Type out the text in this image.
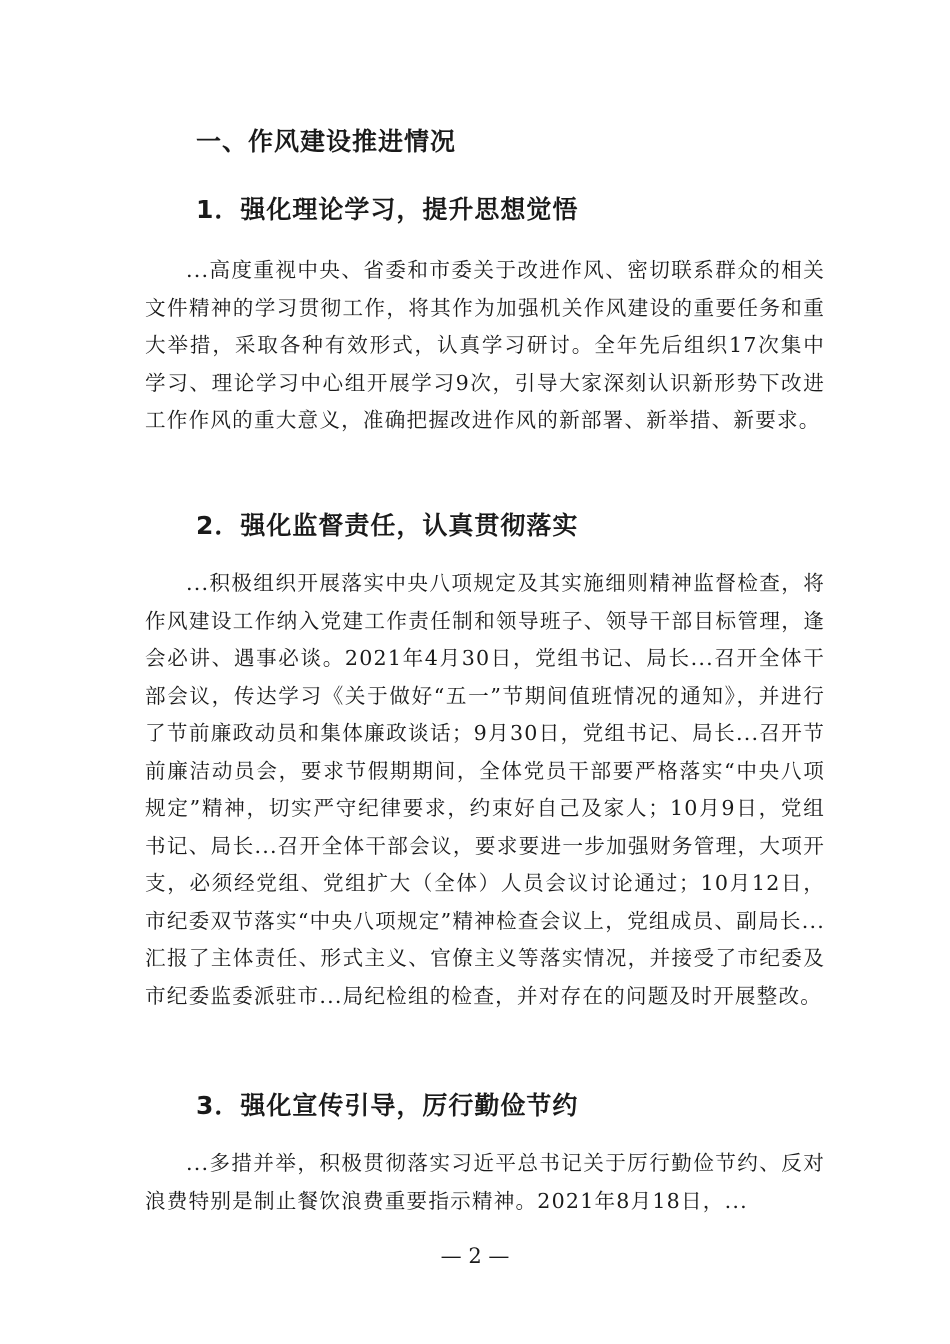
一、作风建设推进情况
1．强化理论学习，提升思想觉悟

...高度重视中央、省委和市委关于改进作风、密切联系群众的相关文件精神的学习贯彻工作，将其作为加强机关作风建设的重要任务和重大举措，采取各种有效形式，认真学习研讨。全年先后组织17次集中学习、理论学习中心组开展学习9次，引导大家深刻认识新形势下改进工作作风的重大意义，准确把握改进作风的新部署、新举措、新要求。

2．强化监督责任，认真贯彻落实

...积极组织开展落实中央八项规定及其实施细则精神监督检查，将作风建设工作纳入党建工作责任制和领导班子、领导干部目标管理，逢会必讲、遇事必谈。2021年4月30日，党组书记、局长...召开全体干部会议，传达学习《关于做好“五一”节期间值班情况的通知》，并进行了节前廉政动员和集体廉政谈话；9月30日，党组书记、局长...召开节前廉洁动员会，要求节假期期间，全体党员干部要严格落实“中央八项规定”精神，切实严守纪律要求，约束好自己及家人；10月9日，党组书记、局长...召开全体干部会议，要求要进一步加强财务管理，大项开支，必须经党组、党组扩大（全体）人员会议讨论通过；10月12日，市纪委双节落实“中央八项规定”精神检查会议上，党组成员、副局长...汇报了主体责任、形式主义、官僚主义等落实情况，并接受了市纪委及市纪委监委派驻市...局纪检组的检查，并对存在的问题及时开展整改。

3．强化宣传引导，厉行勤俭节约

...多措并举，积极贯彻落实习近平总书记关于厉行勤俭节约、反对浪费特别是制止餐饮浪费重要指示精神。2021年8月18日，...

— 2 —
